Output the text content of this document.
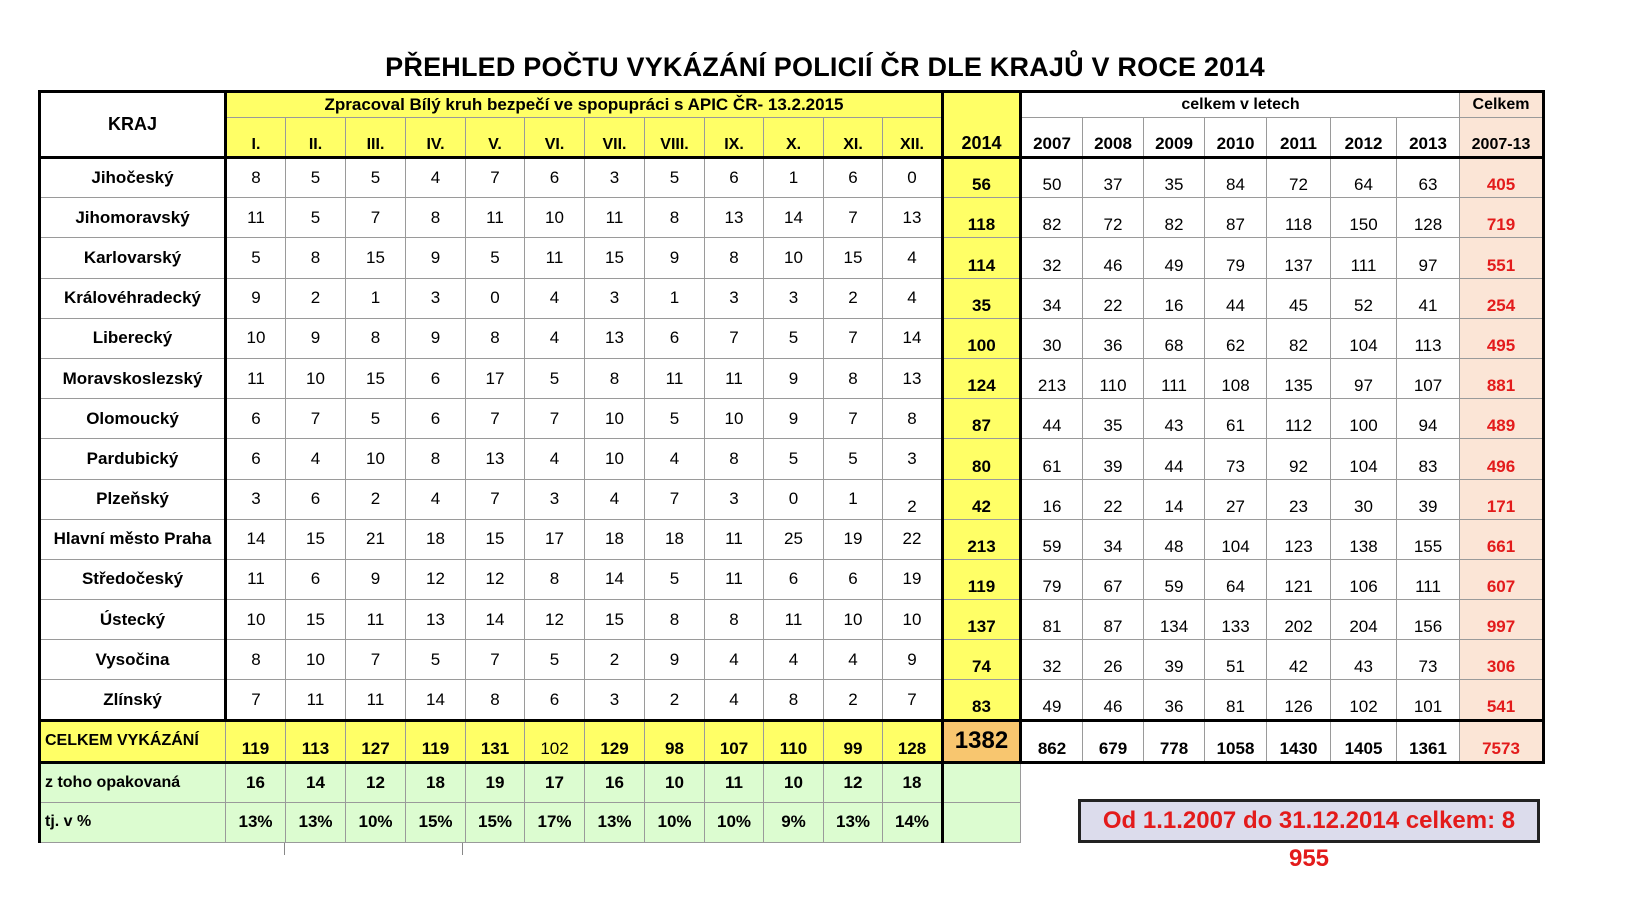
PŘEHLED POČTU VYKÁZÁNÍ POLICIÍ ČR DLE KRAJŮ V ROCE 2014
KRAJ	Zpracoval Bílý kruh bezpečí ve spopupráci s APIC ČR- 13.2.2015												2014	celkem v letech							Celkem
	I.	II.	III.	IV.	V.	VI.	VII.	VIII.	IX.	X.	XI.	XII.		2007	2008	2009	2010	2011	2012	2013	2007-13
Jihočeský	8	5	5	4	7	6	3	5	6	1	6	0	56	50	37	35	84	72	64	63	405
Jihomoravský	11	5	7	8	11	10	11	8	13	14	7	13	118	82	72	82	87	118	150	128	719
Karlovarský	5	8	15	9	5	11	15	9	8	10	15	4	114	32	46	49	79	137	111	97	551
Královéhradecký	9	2	1	3	0	4	3	1	3	3	2	4	35	34	22	16	44	45	52	41	254
Liberecký	10	9	8	9	8	4	13	6	7	5	7	14	100	30	36	68	62	82	104	113	495
Moravskoslezský	11	10	15	6	17	5	8	11	11	9	8	13	124	213	110	111	108	135	97	107	881
Olomoucký	6	7	5	6	7	7	10	5	10	9	7	8	87	44	35	43	61	112	100	94	489
Pardubický	6	4	10	8	13	4	10	4	8	5	5	3	80	61	39	44	73	92	104	83	496
Plzeňský	3	6	2	4	7	3	4	7	3	0	1	2	42	16	22	14	27	23	30	39	171
Hlavní město Praha	14	15	21	18	15	17	18	18	11	25	19	22	213	59	34	48	104	123	138	155	661
Středočeský	11	6	9	12	12	8	14	5	11	6	6	19	119	79	67	59	64	121	106	111	607
Ústecký	10	15	11	13	14	12	15	8	8	11	10	10	137	81	87	134	133	202	204	156	997
Vysočina	8	10	7	5	7	5	2	9	4	4	4	9	74	32	26	39	51	42	43	73	306
Zlínský	7	11	11	14	8	6	3	2	4	8	2	7	83	49	46	36	81	126	102	101	541
CELKEM VYKÁZÁNÍ	119	113	127	119	131	102	129	98	107	110	99	128	1382	862	679	778	1058	1430	1405	1361	7573
z toho opakovaná	16	14	12	18	19	17	16	10	11	10	12	18									
tj. v %	13%	13%	10%	15%	15%	17%	13%	10%	10%	9%	13%	14%										Od 1.1.2007 do 31.12.2014 celkem: 8 955
